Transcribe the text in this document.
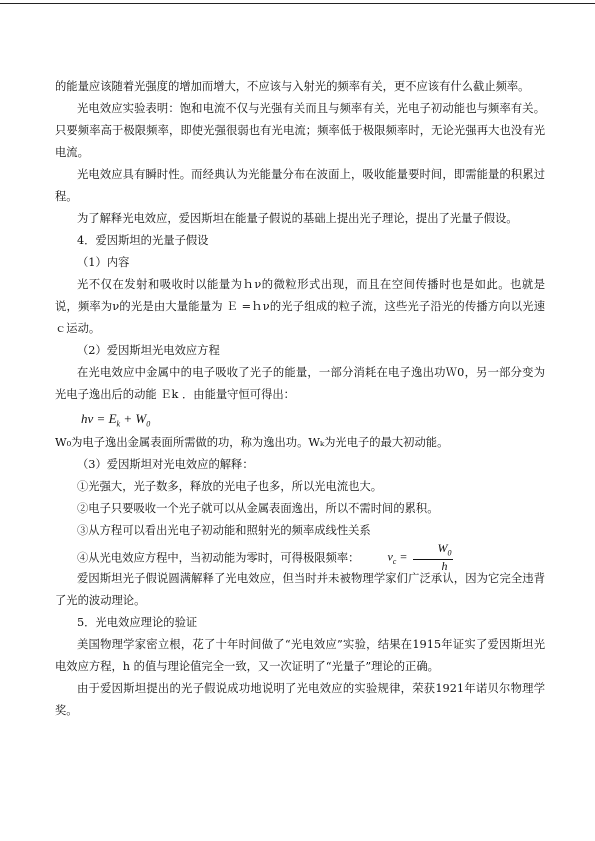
的能量应该随着光强度的增加而增大，不应该与入射光的频率有关，更不应该有什么截止频率。

光电效应实验表明：饱和电流不仅与光强有关而且与频率有关，光电子初动能也与频率有关。只要频率高于极限频率，即使光强很弱也有光电流；频率低于极限频率时，无论光强再大也没有光电流。

光电效应具有瞬时性。而经典认为光能量分布在波面上，吸收能量要时间，即需能量的积累过程。

为了解释光电效应，爱因斯坦在能量子假说的基础上提出光子理论，提出了光量子假设。

4．爱因斯坦的光量子假设

（1）内容

光不仅在发射和吸收时以能量为ｈν的微粒形式出现，而且在空间传播时也是如此。也就是说，频率为ν的光是由大量能量为 Ｅ =ｈν的光子组成的粒子流，这些光子沿光的传播方向以光速ｃ运动。

（2）爱因斯坦光电效应方程

在光电效应中金属中的电子吸收了光子的能量，一部分消耗在电子逸出功Ｗ0，另一部分变为光电子逸出后的动能 Ｅk ．由能量守恒可得出：

$h\nu = E_k + W_0$

W₀为电子逸出金属表面所需做的功，称为逸出功。Wₖ为光电子的最大初动能。

（3）爱因斯坦对光电效应的解释：

①光强大，光子数多，释放的光电子也多，所以光电流也大。

②电子只要吸收一个光子就可以从金属表面逸出，所以不需时间的累积。

③从方程可以看出光电子初动能和照射光的频率成线性关系

④从光电效应方程中，当初动能为零时，可得极限频率： $\nu_c = \frac{W_0}{h}$

爱因斯坦光子假说圆满解释了光电效应，但当时并未被物理学家们广泛承认，因为它完全违背了光的波动理论。

5．光电效应理论的验证

美国物理学家密立根，花了十年时间做了“光电效应”实验，结果在1915年证实了爱因斯坦光电效应方程，h 的值与理论值完全一致，又一次证明了“光量子”理论的正确。

由于爱因斯坦提出的光子假说成功地说明了光电效应的实验规律，荣获1921年诺贝尔物理学奖。
